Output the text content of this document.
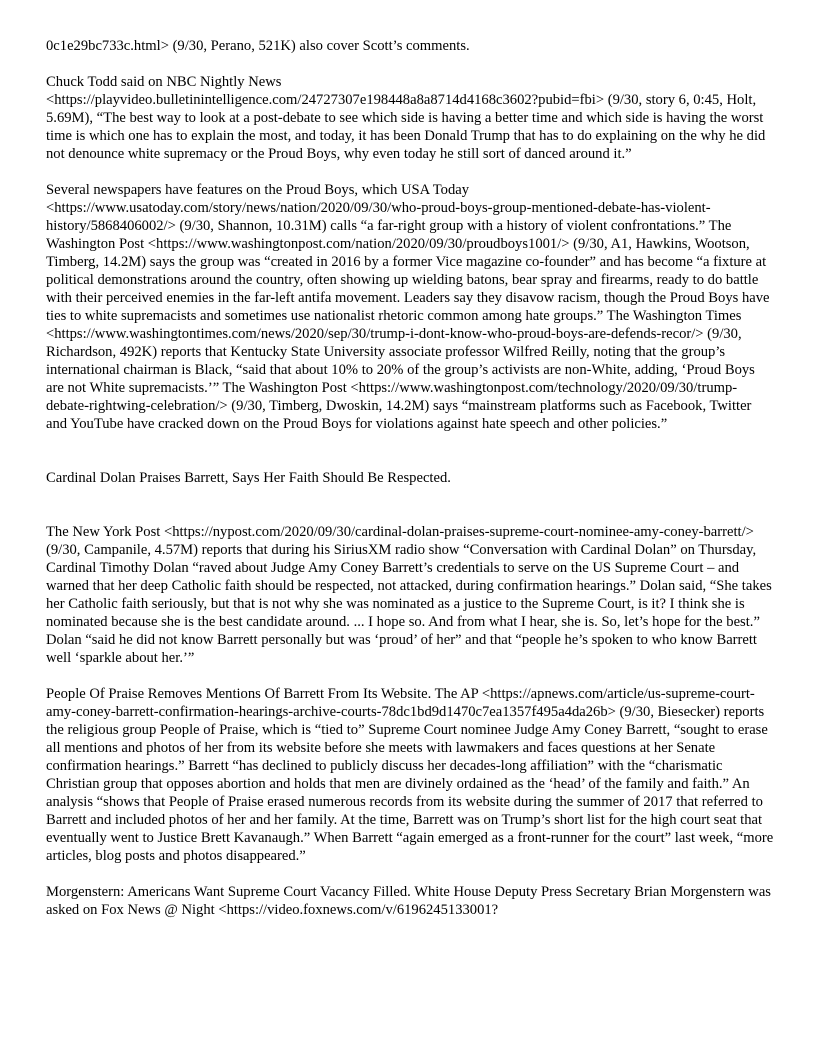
0c1e29bc733c.html> (9/30, Perano, 521K) also cover Scott’s comments.

Chuck Todd said on NBC Nightly News <https://playvideo.bulletinintelligence.com/24727307e198448a8a8714d4168c3602?pubid=fbi> (9/30, story 6, 0:45, Holt, 5.69M), “The best way to look at a post-debate to see which side is having a better time and which side is having the worst time is which one has to explain the most, and today, it has been Donald Trump that has to do explaining on the why he did not denounce white supremacy or the Proud Boys, why even today he still sort of danced around it.”

Several newspapers have features on the Proud Boys, which USA Today <https://www.usatoday.com/story/news/nation/2020/09/30/who-proud-boys-group-mentioned-debate-has-violent-history/5868406002/> (9/30, Shannon, 10.31M) calls “a far-right group with a history of violent confrontations.” The Washington Post <https://www.washingtonpost.com/nation/2020/09/30/proudboys1001/> (9/30, A1, Hawkins, Wootson, Timberg, 14.2M) says the group was “created in 2016 by a former Vice magazine co-founder” and has become “a fixture at political demonstrations around the country, often showing up wielding batons, bear spray and firearms, ready to do battle with their perceived enemies in the far-left antifa movement. Leaders say they disavow racism, though the Proud Boys have ties to white supremacists and sometimes use nationalist rhetoric common among hate groups.” The Washington Times <https://www.washingtontimes.com/news/2020/sep/30/trump-i-dont-know-who-proud-boys-are-defends-recor/> (9/30, Richardson, 492K) reports that Kentucky State University associate professor Wilfred Reilly, noting that the group’s international chairman is Black, “said that about 10% to 20% of the group’s activists are non-White, adding, ‘Proud Boys are not White supremacists.’” The Washington Post <https://www.washingtonpost.com/technology/2020/09/30/trump-debate-rightwing-celebration/> (9/30, Timberg, Dwoskin, 14.2M) says “mainstream platforms such as Facebook, Twitter and YouTube have cracked down on the Proud Boys for violations against hate speech and other policies.”

Cardinal Dolan Praises Barrett, Says Her Faith Should Be Respected.

The New York Post <https://nypost.com/2020/09/30/cardinal-dolan-praises-supreme-court-nominee-amy-coney-barrett/> (9/30, Campanile, 4.57M) reports that during his SiriusXM radio show “Conversation with Cardinal Dolan” on Thursday, Cardinal Timothy Dolan “raved about Judge Amy Coney Barrett’s credentials to serve on the US Supreme Court – and warned that her deep Catholic faith should be respected, not attacked, during confirmation hearings.” Dolan said, “She takes her Catholic faith seriously, but that is not why she was nominated as a justice to the Supreme Court, is it? I think she is nominated because she is the best candidate around. ... I hope so. And from what I hear, she is. So, let’s hope for the best.” Dolan “said he did not know Barrett personally but was ‘proud’ of her” and that “people he’s spoken to who know Barrett well ‘sparkle about her.’”

People Of Praise Removes Mentions Of Barrett From Its Website. The AP <https://apnews.com/article/us-supreme-court-amy-coney-barrett-confirmation-hearings-archive-courts-78dc1bd9d1470c7ea1357f495a4da26b> (9/30, Biesecker) reports the religious group People of Praise, which is “tied to” Supreme Court nominee Judge Amy Coney Barrett, “sought to erase all mentions and photos of her from its website before she meets with lawmakers and faces questions at her Senate confirmation hearings.” Barrett “has declined to publicly discuss her decades-long affiliation” with the “charismatic Christian group that opposes abortion and holds that men are divinely ordained as the ‘head’ of the family and faith.” An analysis “shows that People of Praise erased numerous records from its website during the summer of 2017 that referred to Barrett and included photos of her and her family. At the time, Barrett was on Trump’s short list for the high court seat that eventually went to Justice Brett Kavanaugh.” When Barrett “again emerged as a front-runner for the court” last week, “more articles, blog posts and photos disappeared.”

Morgenstern: Americans Want Supreme Court Vacancy Filled. White House Deputy Press Secretary Brian Morgenstern was asked on Fox News @ Night <https://video.foxnews.com/v/6196245133001?
